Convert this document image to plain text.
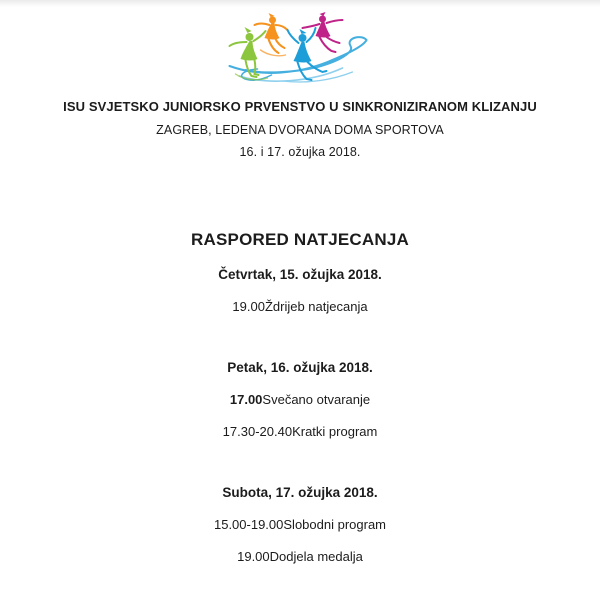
ISU SVJETSKO JUNIORSKO PRVENSTVO U SINKRONIZIRANOM KLIZANJU
ZAGREB, LEDENA DVORANA DOMA SPORTOVA
16. i 17. ožujka 2018.
RASPORED NATJECANJA
Četvrtak, 15. ožujka 2018.
19.00 Ždrijeb natjecanja
Petak, 16. ožujka 2018.
17.00 Svečano otvaranje
17.30-20.40 Kratki program
Subota, 17. ožujka 2018.
15.00-19.00 Slobodni program
19.00 Dodjela medalja
